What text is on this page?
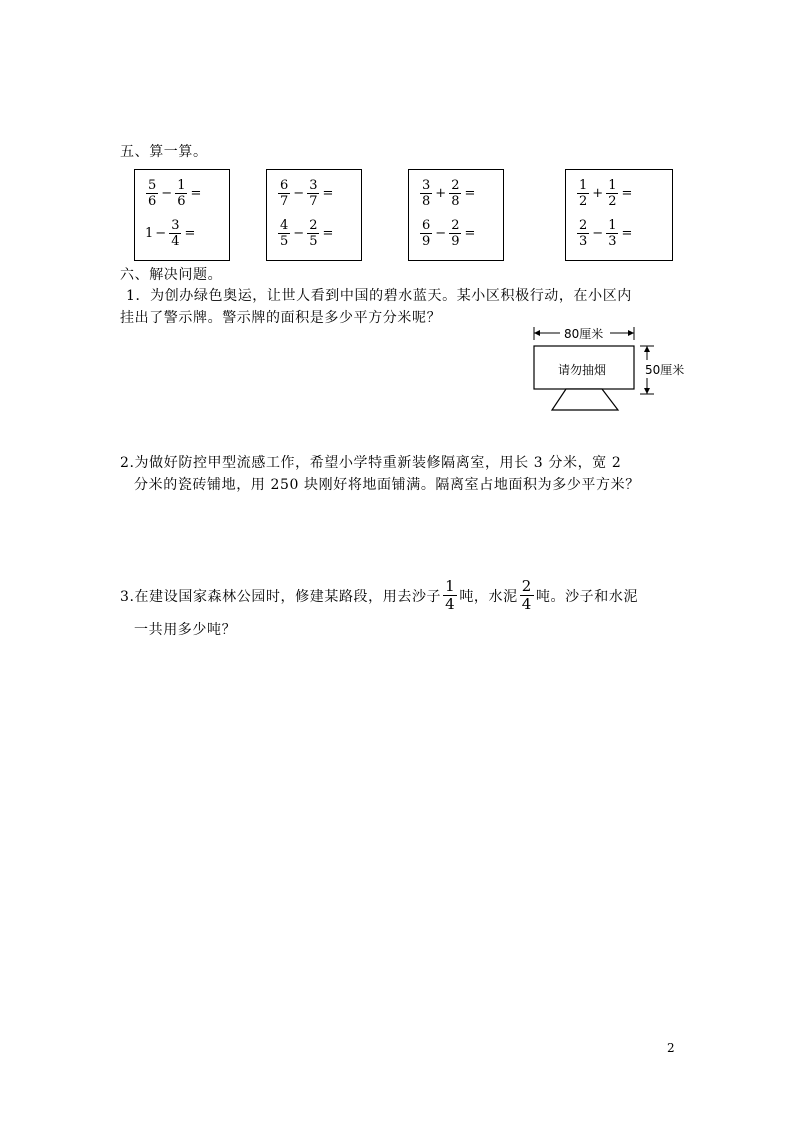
五、算一算。
$\frac{5}{6} - \frac{1}{6}$ =
$1 - \frac{3}{4}$ =
$\frac{6}{7} - \frac{3}{7}$ =
$\frac{4}{5} - \frac{2}{5}$ =
$\frac{3}{8} + \frac{2}{8}$ =
$\frac{6}{9} - \frac{2}{9}$ =
$\frac{1}{2} + \frac{1}{2}$ =
$\frac{2}{3} - \frac{1}{3}$ =
六、解决问题。
1．为创办绿色奥运，让世人看到中国的碧水蓝天。某小区积极行动，在小区内
挂出了警示牌。警示牌的面积是多少平方分米呢？
80厘米
请勿抽烟	50厘米
2.为做好防控甲型流感工作，希望小学特重新装修隔离室，用长 3 分米，宽 2
分米的瓷砖铺地，用 250 块刚好将地面铺满。隔离室占地面积为多少平方米？
3.在建设国家森林公园时，修建某路段，用去沙子
1
4 吨，水泥
2
4 吨。沙子和水泥
一共用多少吨？
2
